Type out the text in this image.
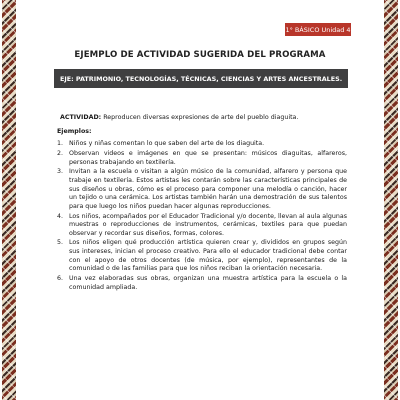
1° BÁSICO Unidad 4
EJEMPLO DE ACTIVIDAD SUGERIDA DEL PROGRAMA
EJE: PATRIMONIO, TECNOLOGÍAS, TÉCNICAS, CIENCIAS Y ARTES ANCESTRALES.

ACTIVIDAD: Reproducen diversas expresiones de arte del pueblo diaguita.

Ejemplos:

1. Niños y niñas comentan lo que saben del arte de los diaguita.
2. Observan videos e imágenes en que se presentan: músicos diaguitas, alfareros, personas trabajando en textilería.
3. Invitan a la escuela o visitan a algún músico de la comunidad, alfarero y persona que trabaje en textilería. Estos artistas les contarán sobre las características principales de sus diseños u obras, cómo es el proceso para componer una melodía o canción, hacer un tejido o una cerámica. Los artistas también harán una demostración de sus talentos para que luego los niños puedan hacer algunas reproducciones.
4. Los niños, acompañados por el Educador Tradicional y/o docente, llevan al aula algunas muestras o reproducciones de instrumentos, cerámicas, textiles para que puedan observar y recordar sus diseños, formas, colores.
5. Los niños eligen qué producción artística quieren crear y, divididos en grupos según sus intereses, inician el proceso creativo. Para ello el educador tradicional debe contar con el apoyo de otros docentes (de música, por ejemplo), representantes de la comunidad o de las familias para que los niños reciban la orientación necesaria.
6. Una vez elaboradas sus obras, organizan una muestra artística para la escuela o la comunidad ampliada.
